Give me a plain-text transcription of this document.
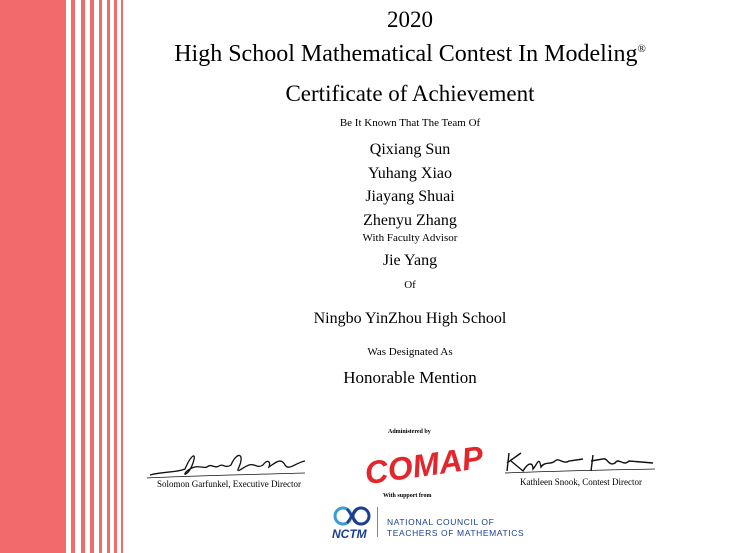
2020
High School Mathematical Contest In Modeling®
Certificate of Achievement
Be It Known That The Team Of
Qixiang Sun
Yuhang Xiao
Jiayang Shuai
Zhenyu Zhang
With Faculty Advisor
Jie Yang
Of
Ningbo YinZhou High School
Was Designated As
Honorable Mention
Solomon Garfunkel, Executive Director
Administered by
COMAP
With support from
Kathleen Snook, Contest Director
NCTM
NATIONAL COUNCIL OF
TEACHERS OF MATHEMATICS
